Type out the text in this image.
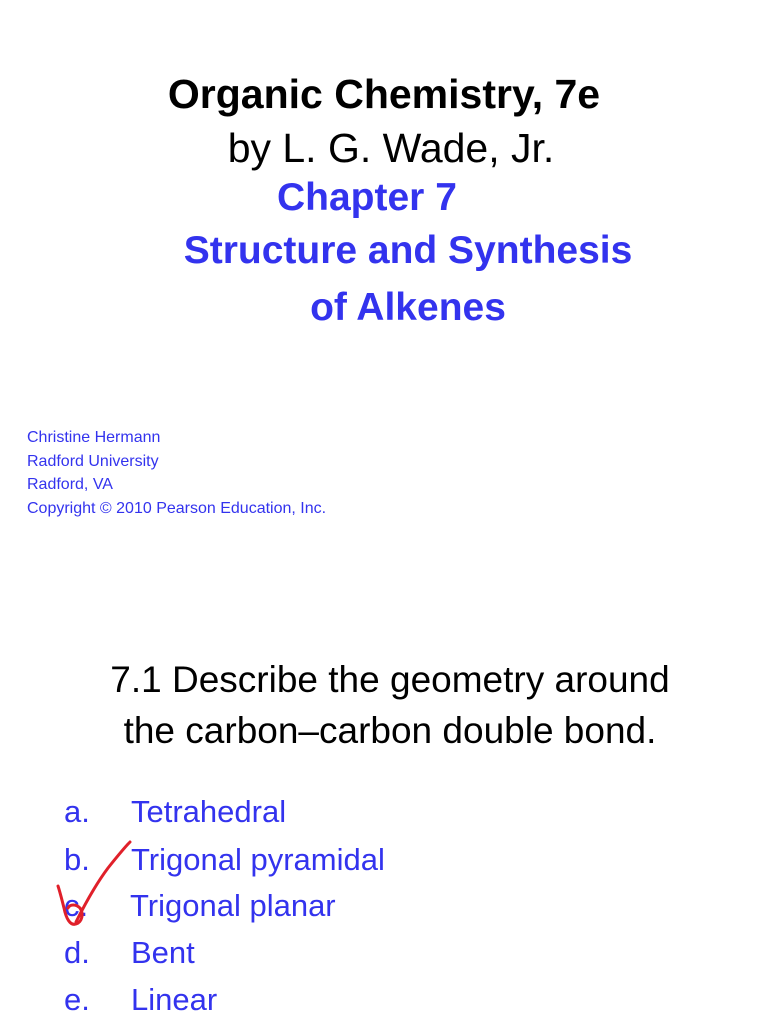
Organic Chemistry, 7e
by L. G. Wade, Jr.
Chapter 7
Structure and Synthesis
of Alkenes
Christine Hermann
Radford University
Radford, VA
Copyright © 2010 Pearson Education, Inc.
7.1 Describe the geometry around
the carbon–carbon double bond.
a. Tetrahedral
b. Trigonal pyramidal
c. Trigonal planar
d. Bent
e. Linear
